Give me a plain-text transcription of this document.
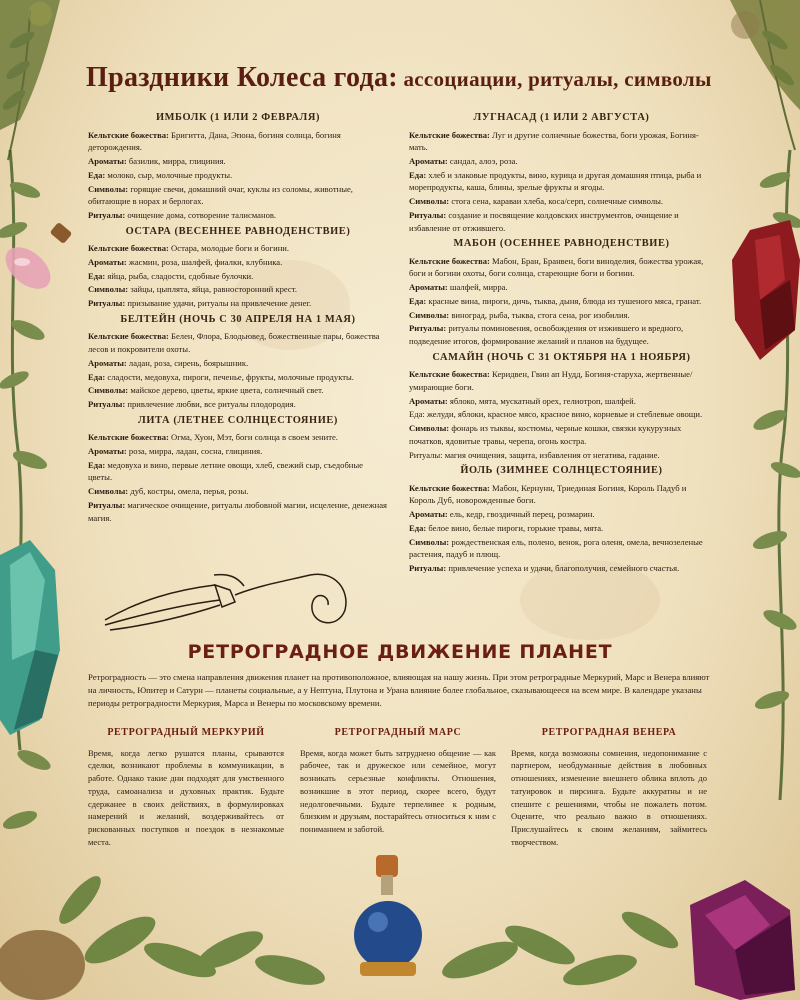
Праздники Колеса года: ассоциации, ритуалы, символы
ИМБОЛК (1 ИЛИ 2 ФЕВРАЛЯ)

Кельтские божества: Бригитта, Дана, Эпона, богиня солнца, богиня деторождения.

Ароматы: базилик, мирра, глициния.

Еда: молоко, сыр, молочные продукты.

Символы: горящие свечи, домашний очаг, куклы из соломы, животные, обитающие в норах и берлогах.

Ритуалы: очищение дома, сотворение талисманов.

ОСТАРА (ВЕСЕННЕЕ РАВНОДЕНСТВИЕ)

Кельтские божества: Остара, молодые боги и богини.

Ароматы: жасмин, роза, шалфей, фиалки, клубника.

Еда: яйца, рыба, сладости, сдобные булочки.

Символы: зайцы, цыплята, яйца, равносторонний крест.

Ритуалы: призывание удачи, ритуалы на привлечение денег.

БЕЛТЕЙН (НОЧЬ С 30 АПРЕЛЯ НА 1 МАЯ)

Кельтские божества: Белен, Флора, Блодьювед, божественные пары, божества лесов и покровители охоты.

Ароматы: ладан, роза, сирень, боярышник.

Еда: сладости, медовуха, пироги, печенье, фрукты, молочные продукты.

Символы: майское дерево, цветы, яркие цвета, солнечный свет.

Ритуалы: привлечение любви, все ритуалы плодородия.

ЛИТА (ЛЕТНЕЕ СОЛНЦЕСТОЯНИЕ)

Кельтские божества: Огма, Хуон, Мэт, боги солнца в своем зените.

Ароматы: роза, мирра, ладан, сосна, глициния.

Еда: медовуха и вино, первые летние овощи, хлеб, свежий сыр, съедобные цветы.

Символы: дуб, костры, омела, перья, розы.

Ритуалы: магическое очищение, ритуалы любовной магии, исцеление, денежная магия.

ЛУГНАСАД (1 ИЛИ 2 АВГУСТА)

Кельтские божества: Луг и другие солнечные божества, боги урожая, Богиня-мать.

Ароматы: сандал, алоэ, роза.

Еда: хлеб и злаковые продукты, вино, курица и другая домашняя птица, рыба и морепродукты, каша, блины, зрелые фрукты и ягоды.

Символы: стога сена, караваи хлеба, коса/серп, солнечные символы.

Ритуалы: создание и посвящение колдовских инструментов, очищение и избавление от отжившего.

МАБОН (ОСЕННЕЕ РАВНОДЕНСТВИЕ)

Кельтские божества: Мабон, Бран, Бранвен, боги виноделия, божества урожая, боги и богини охоты, боги солнца, стареющие боги и богини.

Ароматы: шалфей, мирра.

Еда: красные вина, пироги, дичь, тыква, дыня, блюда из тушеного мяса, гранат.

Символы: виноград, рыба, тыква, стога сена, рог изобилия.

Ритуалы: ритуалы поминовения, освобождения от изжившего и вредного, подведение итогов, формирование желаний и планов на будущее.

САМАЙН (НОЧЬ С 31 ОКТЯБРЯ НА 1 НОЯБРЯ)

Кельтские божества: Керидвен, Гвин ап Нудд, Богиня-старуха, жертвенные/умирающие боги.

Ароматы: яблоко, мята, мускатный орех, гелиотроп, шалфей.

Еда: желуди, яблоки, красное мясо, красное вино, корневые и стеблевые овощи.

Символы: фонарь из тыквы, костюмы, черные кошки, связки кукурузных початков, ядовитые травы, черепа, огонь костра.

Ритуалы: магия очищения, защита, избавления от негатива, гадание.

ЙОЛЬ (ЗИМНЕЕ СОЛНЦЕСТОЯНИЕ)

Кельтские божества: Мабон, Кернунн, Триединая Богиня, Король Падуб и Король Дуб, новорожденные боги.

Ароматы: ель, кедр, гвоздичный перец, розмарин.

Еда: белое вино, белые пироги, горькие травы, мята.

Символы: рождественская ель, полено, венок, рога оленя, омела, вечнозеленые растения, падуб и плющ.

Ритуалы: привлечение успеха и удачи, благополучия, семейного счастья.

РЕТРОГРАДНОЕ ДВИЖЕНИЕ ПЛАНЕТ
Ретроградность — это смена направления движения планет на противоположное, влияющая на нашу жизнь. При этом ретроградные Меркурий, Марс и Венера влияют на личность, Юпитер и Сатурн — планеты социальные, а у Нептуна, Плутона и Урана влияние более глобальное, сказывающееся на всем мире. В календаре указаны периоды ретроградности Меркурия, Марса и Венеры по московскому времени.
РЕТРОГРАДНЫЙ МЕРКУРИЙ
Время, когда легко рушатся планы, срываются сделки, возникают проблемы в коммуникации, в работе. Однако такие дни подходят для умственного труда, самоанализа и духовных практик. Будьте сдержанее в своих действиях, в формулировках намерений и желаний, воздерживайтесь от рискованных поступков и поездок в незнакомые места.
РЕТРОГРАДНЫЙ МАРС
Время, когда может быть затруднено общение — как рабочее, так и дружеское или семейное, могут возникать серьезные конфликты. Отношения, возникшие в этот период, скорее всего, будут недолговечными. Будьте терпеливее к родным, близким и друзьям, постарайтесь относиться к ним с пониманием и заботой.
РЕТРОГРАДНАЯ ВЕНЕРА
Время, когда возможны сомнения, недопонимание с партнером, необдуманные действия в любовных отношениях, изменение внешнего облика вплоть до татуировок и пирсинга. Будьте аккуратны и не спешите с решениями, чтобы не пожалеть потом. Оцените, что реально важно в отношениях. Прислушайтесь к своим желаниям, займитесь творчеством.
